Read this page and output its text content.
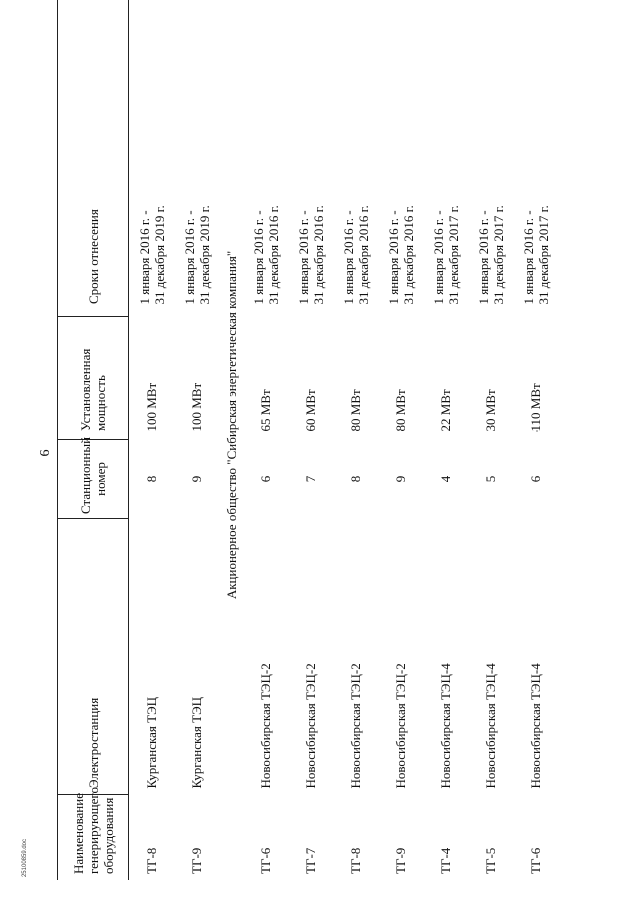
6
25100859.doc	Наименование генерирующего оборудования	Электростанция	Станционный номер	Установленная мощность	Сроки отнесения
ТГ-8	Курганская ТЭЦ	8	100 МВт	1 января 2016 г. - 31 декабря 2019 г.

ТГ-9	Курганская ТЭЦ	9	100 МВт	1 января 2016 г. - 31 декабря 2019 г.

Акционерное общество "Сибирская энергетическая компания"				
ТГ-6	Новосибирская ТЭЦ-2	6	65 МВт	1 января 2016 г. - 31 декабря 2016 г.

ТГ-7	Новосибирская ТЭЦ-2	7	60 МВт	1 января 2016 г. - 31 декабря 2016 г.

ТГ-8	Новосибирская ТЭЦ-2	8	80 МВт	1 января 2016 г. - 31 декабря 2016 г.

ТГ-9	Новосибирская ТЭЦ-2	9	80 МВт	1 января 2016 г. - 31 декабря 2016 г.

ТГ-4	Новосибирская ТЭЦ-4	4	22 МВт	1 января 2016 г. - 31 декабря 2017 г.

ТГ-5	Новосибирская ТЭЦ-4	5	30 МВт	1 января 2016 г. - 31 декабря 2017 г.

ТГ-6	Новосибирская ТЭЦ-4	6	110 МВт	1 января 2016 г. - 31 декабря 2017 г.
